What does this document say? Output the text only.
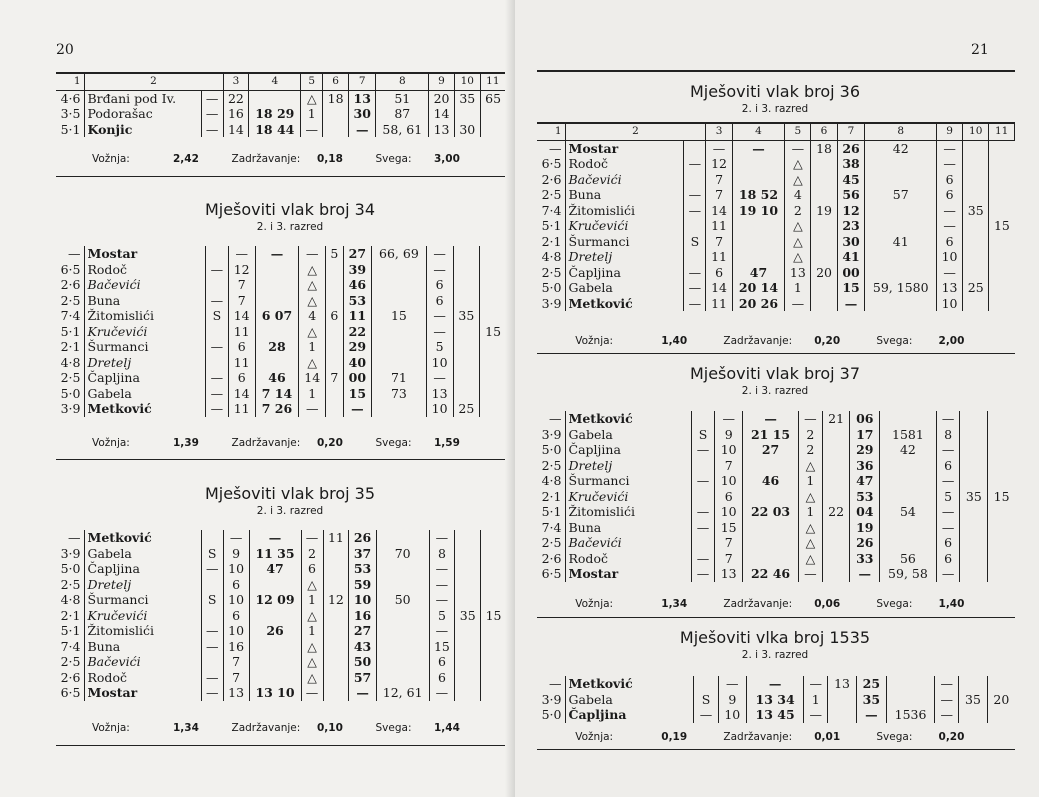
20
1	2		3	4	5	6	7	8	9	10	11
4·6	Brđani pod Iv.	—	22		△	18	13	51	20	35	65
3·5	Podorašac	—	16	18 29	1		30	87	14		
5·1	Konjic	—	14	18 44	—		—	58, 61	13	30	
Vožnja:	2,42	Zadržavanje: 0,18	Svega: 3,00
Mješoviti vlak broj 34
2. i 3. razred
—	Mostar		—	—	—	5	27	66, 69	—		
6·5	Rodoč	—	12		△		39		—		
2·6	Bačevići		7		△		46		6		
2·5	Buna	—	7		△		53		6		
7·4	Žitomislići	S	14	6 07	4	6	11	15	—	35	
5·1	Kručevići		11		△		22		—		15
2·1	Šurmanci	—	6	28	1		29		5		
4·8	Dretelj		11		△		40		10		
2·5	Čapljina	—	6	46	14	7	00	71	—		
5·0	Gabela	—	14	7 14	1		15	73	13		
3·9	Metković	—	11	7 26	—		—		10	25	
Vožnja:	1,39	Zadržavanje: 0,20	Svega: 1,59
Mješoviti vlak broj 35
2. i 3. razred
—	Metković		—	—	—	11	26		—		
3·9	Gabela	S	9	11 35	2		37	70	8		
5·0	Čapljina	—	10	47	6		53		—		
2·5	Dretelj		6		△		59		—		
4·8	Šurmanci	S	10	12 09	1	12	10	50	—		
2·1	Kručevići		6		△		16		5	35	15
5·1	Žitomislići	—	10	26	1		27		—		
7·4	Buna	—	16		△		43		15		
2·5	Bačevići		7		△		50		6		
2·6	Rodoč	—	7		△		57		6		
6·5	Mostar	—	13	13 10	—		—	12, 61	—		
Vožnja:	1,34	Zadržavanje: 0,10	Svega: 1,44
21
Mješoviti vlak broj 36
2. i 3. razred
1	2		3	4	5	6	7	8	9	10	11
—	Mostar		—	—	—	18	26	42	—		
6·5	Rodoč	—	12		△		38		—		
2·6	Bačevići		7		△		45		6		
2·5	Buna	—	7	18 52	4		56	57	6		
7·4	Žitomislići	—	14	19 10	2	19	12		—	35	
5·1	Kručevići		11		△		23		—		15
2·1	Šurmanci	S	7		△		30	41	6		
4·8	Dretelj		11		△		41		10		
2·5	Čapljina	—	6	47	13	20	00		—		
5·0	Gabela	—	14	20 14	1		15	59, 1580	13	25	
3·9	Metković	—	11	20 26	—		—		10		
Vožnja:	1,40	Zadržavanje: 0,20	Svega: 2,00
Mješoviti vlak broj 37
2. i 3. razred
—	Metković		—	—	—	21	06		—		
3·9	Gabela	S	9	21 15	2		17	1581	8		
5·0	Čapljina	—	10	27	2		29	42	—		
2·5	Dretelj		7		△		36		6		
4·8	Šurmanci	—	10	46	1		47		—		
2·1	Kručevići		6		△		53		5	35	15
5·1	Žitomislići	—	10	22 03	1	22	04	54	—		
7·4	Buna	—	15		△		19		—		
2·5	Bačevići		7		△		26		6		
2·6	Rodoč	—	7		△		33	56	6		
6·5	Mostar	—	13	22 46	—		—	59, 58	—		
Vožnja:	1,34	Zadržavanje: 0,06	Svega: 1,40
Mješoviti vlka broj 1535
2. i 3. razred
—	Metković		—	—	—	13	25		—		
3·9	Gabela	S	9	13 34	1		35		—	35	20
5·0	Čapljina	—	10	13 45	—		—	1536	—		
Vožnja:	0,19	Zadržavanje: 0,01	Svega: 0,20
